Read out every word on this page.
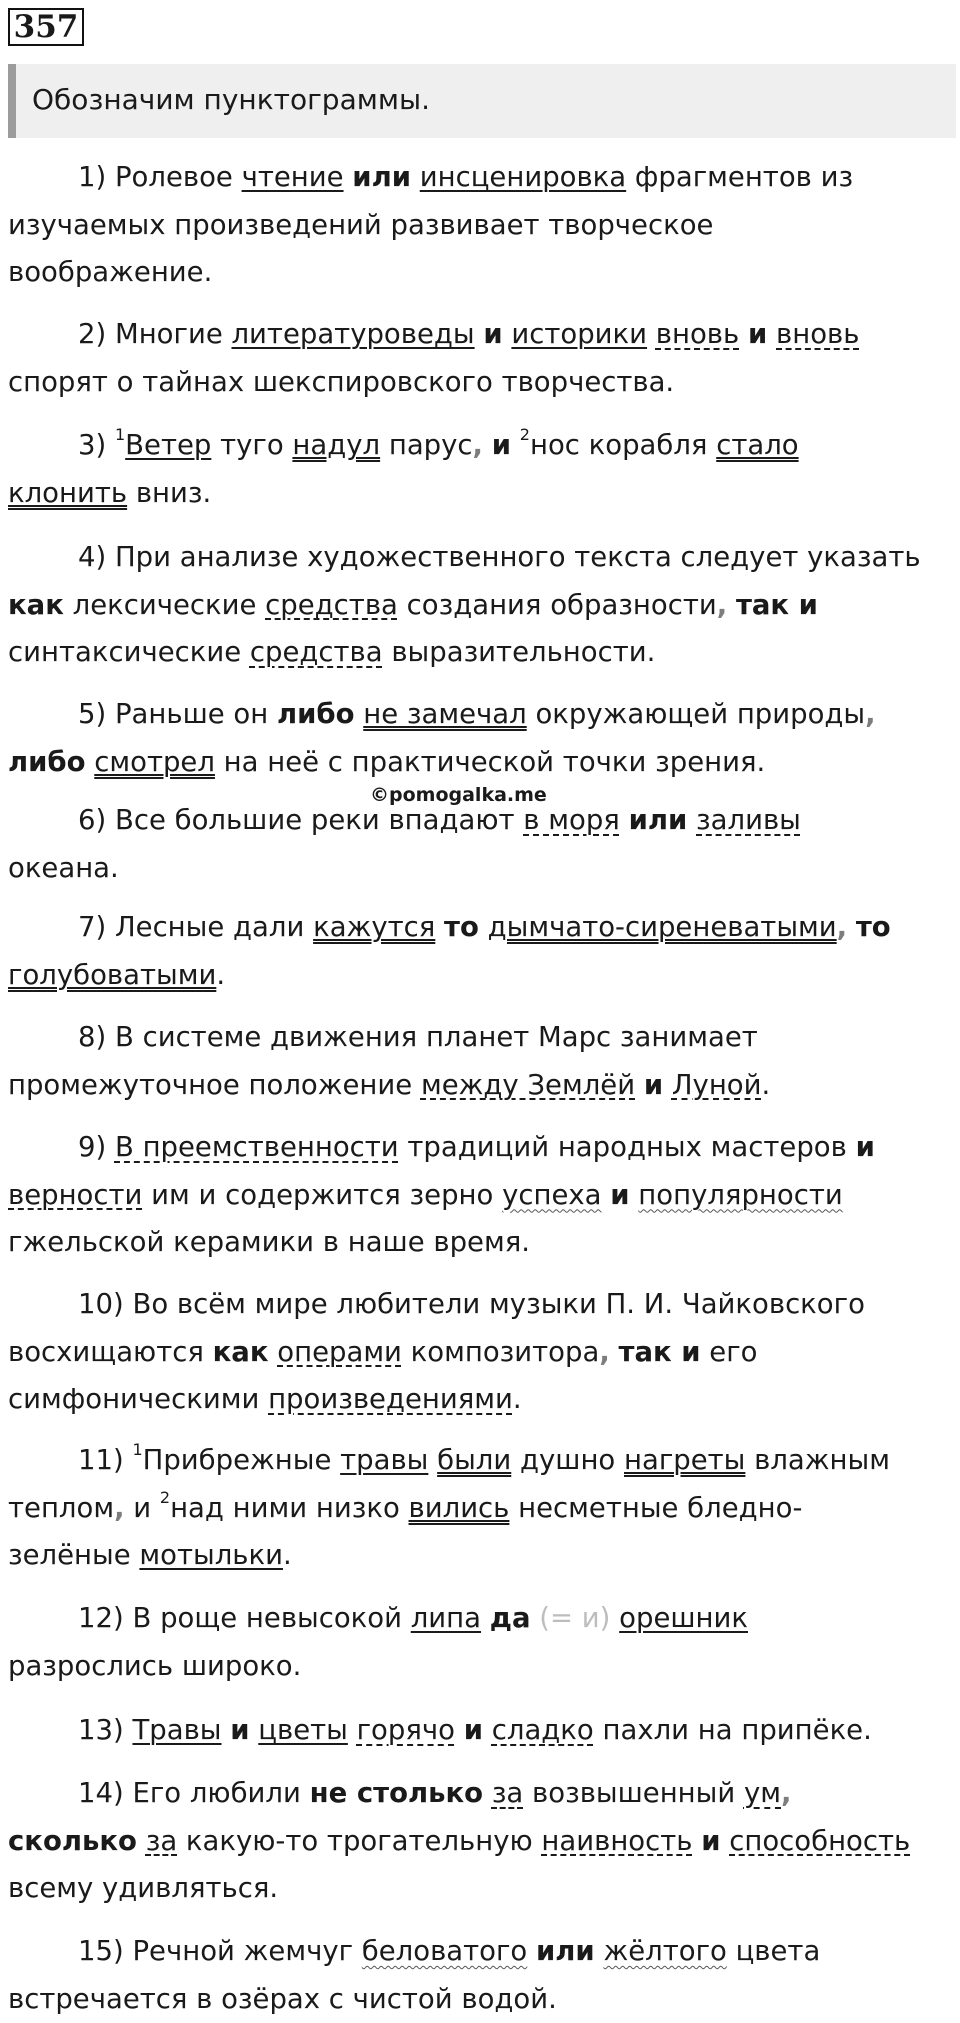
357
Обозначим пунктограммы.
1) Ролевое чтение или инсценировка фрагментов из
изучаемых произведений развивает творческое
воображение.
2) Многие литературоведы и историки вновь и вновь
спорят о тайнах шекспировского творчества.
3) $^1$Ветер туго надул парус, и $^2$нос корабля стало
клонить вниз.
4) При анализе художественного текста следует указать
как лексические средства создания образности, так и
синтаксические средства выразительности.
5) Раньше он либо не замечал окружающей природы,
либо смотрел на неё с практической точки зрения.
©pomogalka.me
6) Все большие реки впадают в моря или заливы
океана.
7) Лесные дали кажутся то дымчато-сиреневатыми, то
голубоватыми.
8) В системе движения планет Марс занимает
промежуточное положение между Землёй и Луной.
9) В преемственности традиций народных мастеров и
верности им и содержится зерно успеха и популярности
гжельской керамики в наше время.
10) Во всём мире любители музыки П. И. Чайковского
восхищаются как операми композитора, так и его
симфоническими произведениями.
11) $^1$Прибрежные травы были душно нагреты влажным
теплом, и $^2$над ними низко вились несметные бледно-
зелёные мотыльки.
12) В роще невысокой липа да (= и) орешник
разрослись широко.
13) Травы и цветы горячо и сладко пахли на припёке.
14) Его любили не столько за возвышенный ум,
сколько за какую-то трогательную наивность и способность
всему удивляться.
15) Речной жемчуг беловатого или жёлтого цвета
встречается в озёрах с чистой водой.
